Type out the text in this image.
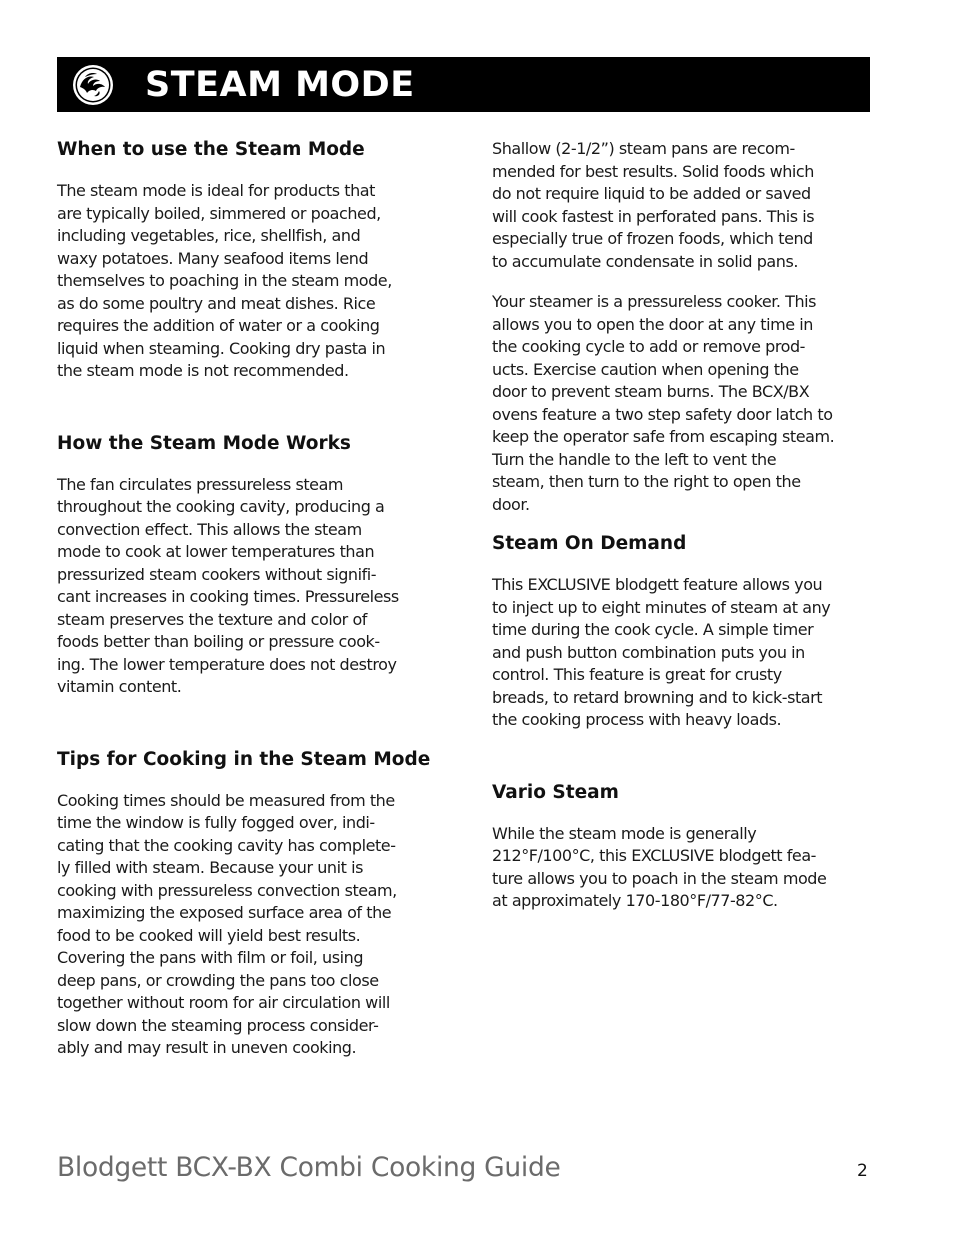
STEAM MODE
When to use the Steam Mode

The steam mode is ideal for products that

are typically boiled, simmered or poached,

including vegetables, rice, shellfish, and

waxy potatoes. Many seafood items lend

themselves to poaching in the steam mode,

as do some poultry and meat dishes. Rice

requires the addition of water or a cooking

liquid when steaming. Cooking dry pasta in

the steam mode is not recommended.

How the Steam Mode Works

The fan circulates pressureless steam

throughout the cooking cavity, producing a

convection effect. This allows the steam

mode to cook at lower temperatures than

pressurized steam cookers without signifi-

cant increases in cooking times. Pressureless

steam preserves the texture and color of

foods better than boiling or pressure cook-

ing. The lower temperature does not destroy

vitamin content.

Tips for Cooking in the Steam Mode

Cooking times should be measured from the

time the window is fully fogged over, indi-

cating that the cooking cavity has complete-

ly filled with steam. Because your unit is

cooking with pressureless convection steam,

maximizing the exposed surface area of the

food to be cooked will yield best results.

Covering the pans with film or foil, using

deep pans, or crowding the pans too close

together without room for air circulation will

slow down the steaming process consider-

ably and may result in uneven cooking.

Shallow (2-1/2”) steam pans are recom-

mended for best results. Solid foods which

do not require liquid to be added or saved

will cook fastest in perforated pans. This is

especially true of frozen foods, which tend

to accumulate condensate in solid pans.

Your steamer is a pressureless cooker. This

allows you to open the door at any time in

the cooking cycle to add or remove prod-

ucts. Exercise caution when opening the

door to prevent steam burns. The BCX/BX

ovens feature a two step safety door latch to

keep the operator safe from escaping steam.

Turn the handle to the left to vent the

steam, then turn to the right to open the

door.

Steam On Demand

This EXCLUSIVE blodgett feature allows you

to inject up to eight minutes of steam at any

time during the cook cycle. A simple timer

and push button combination puts you in

control. This feature is great for crusty

breads, to retard browning and to kick-start

the cooking process with heavy loads.

Vario Steam

While the steam mode is generally

212°F/100°C, this EXCLUSIVE blodgett fea-

ture allows you to poach in the steam mode

at approximately 170-180°F/77-82°C.

Blodgett BCX-BX Combi Cooking Guide	2
